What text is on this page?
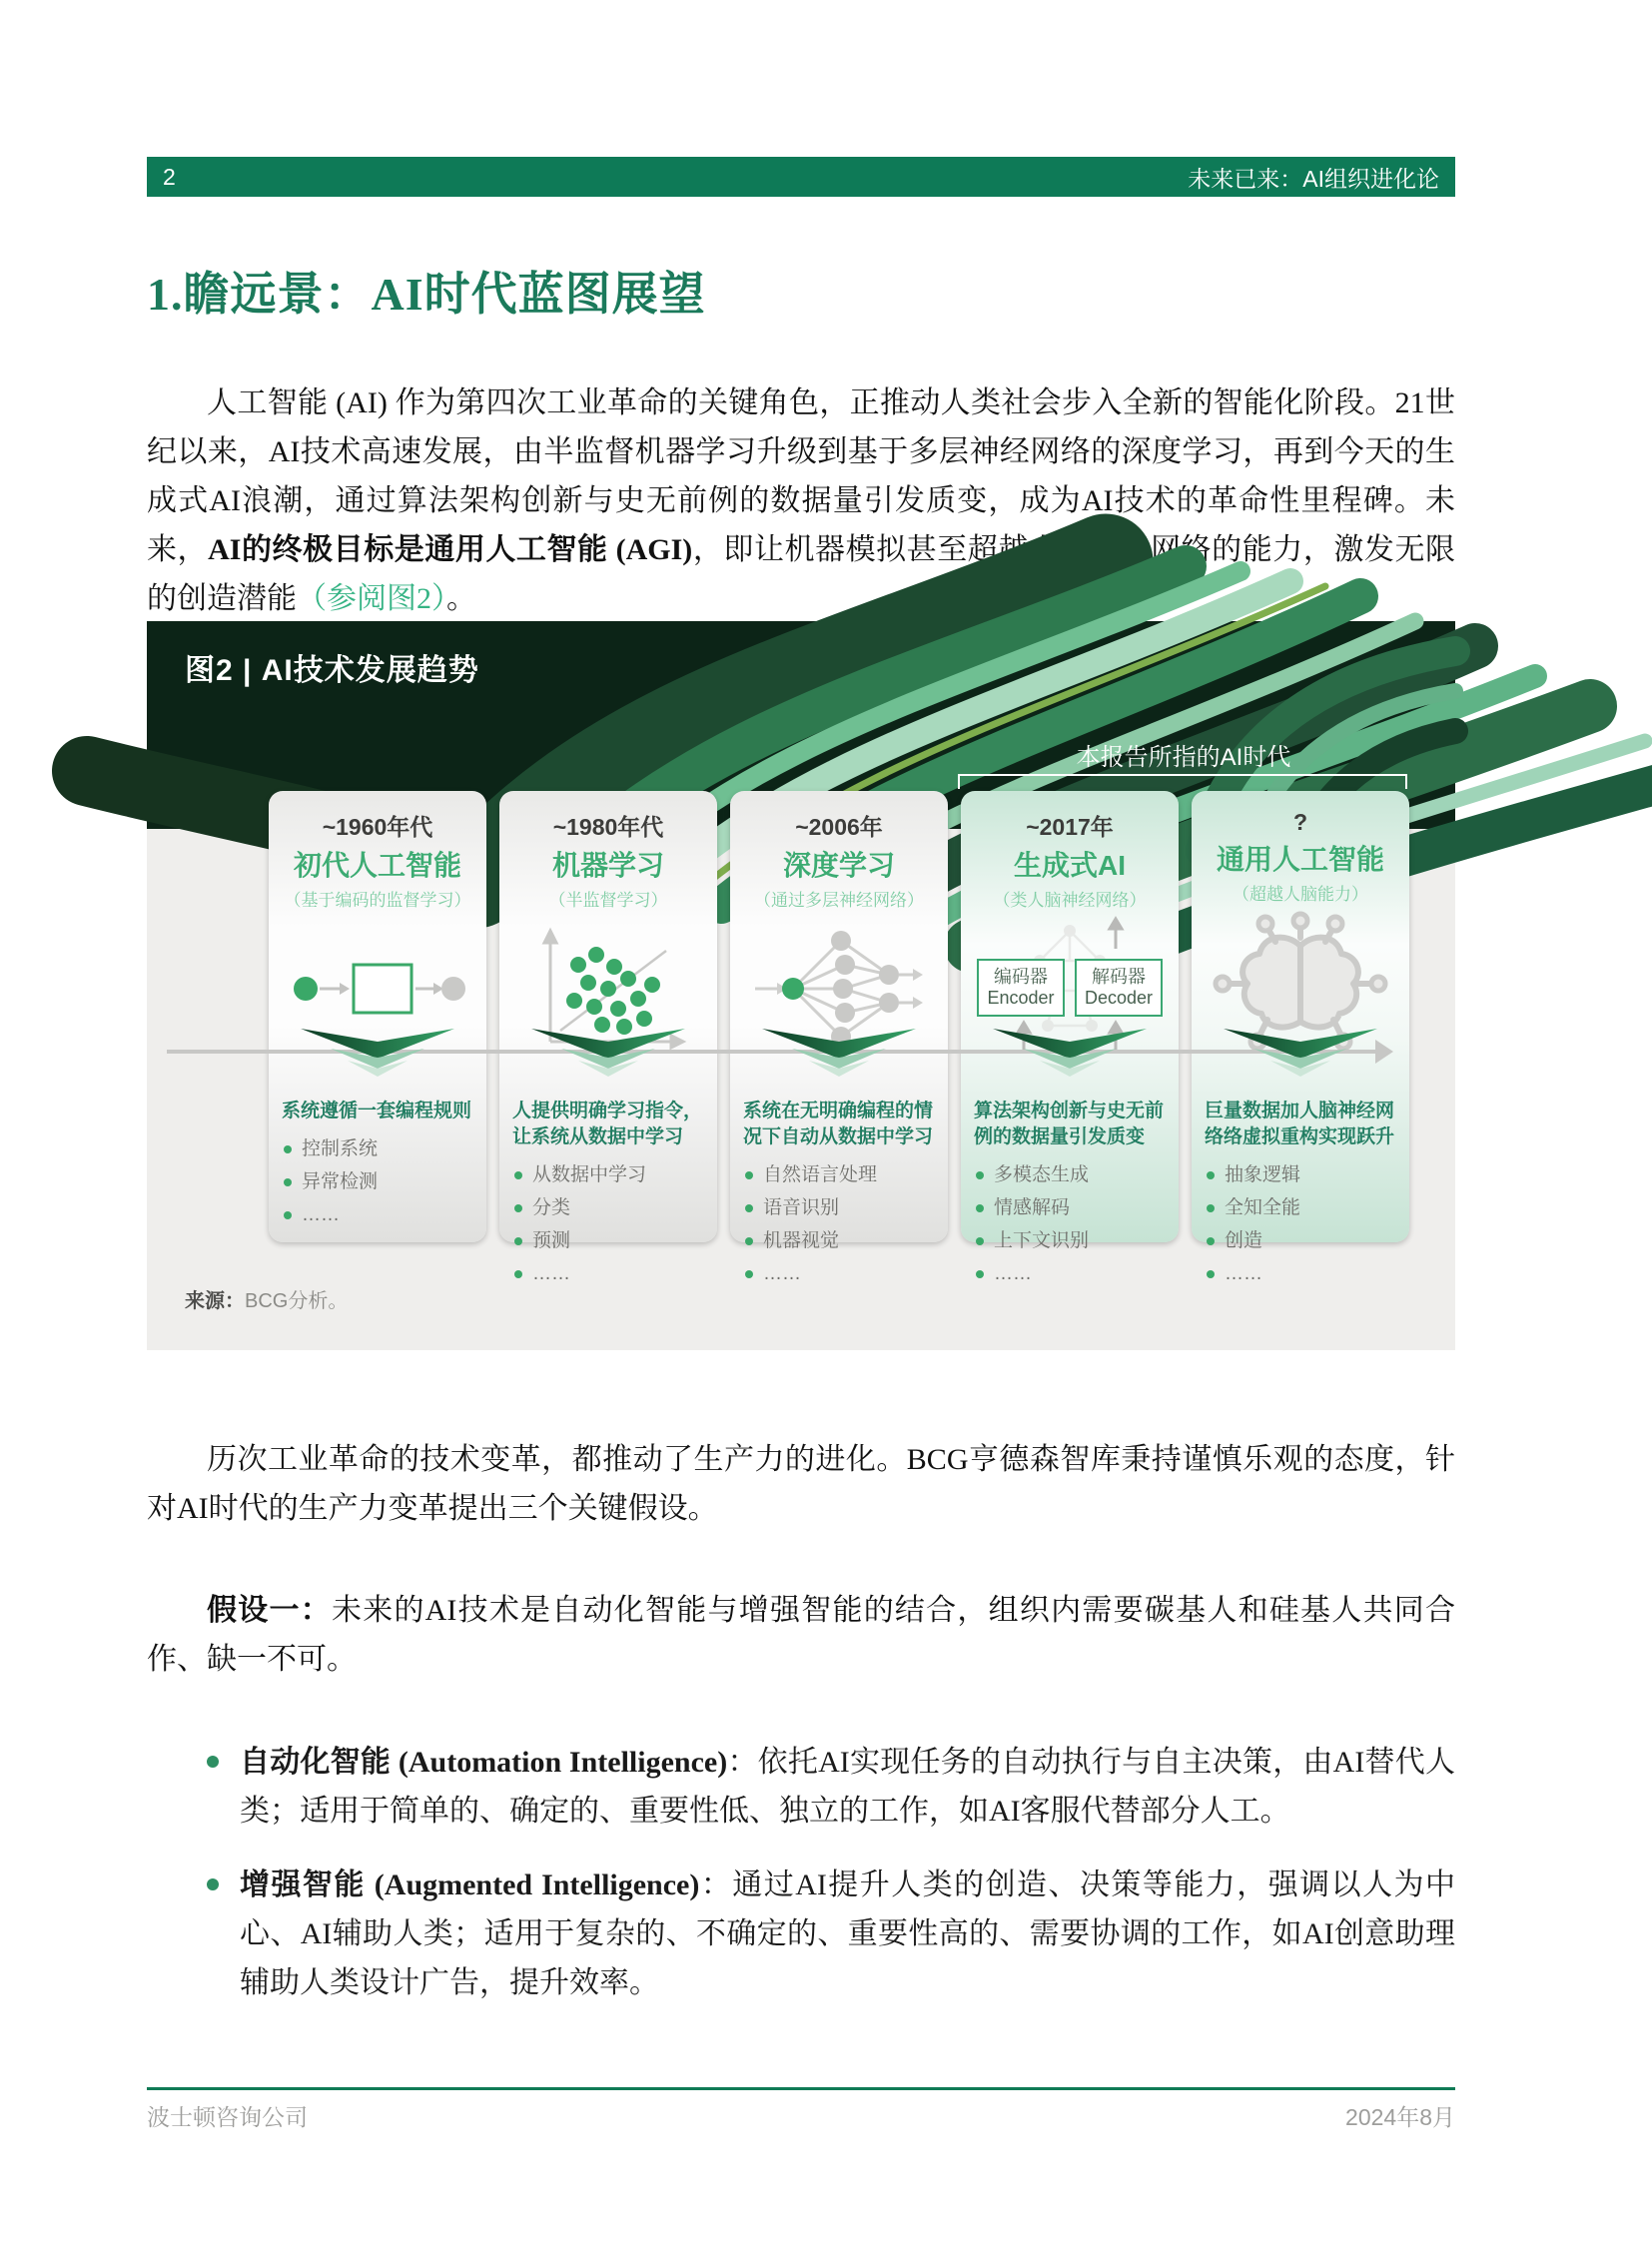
2	未来已来：AI组织进化论
1.瞻远景：AI时代蓝图展望

人工智能 (AI) 作为第四次工业革命的关键角色，正推动人类社会步入全新的智能化阶段。21世纪以来，AI技术高速发展，由半监督机器学习升级到基于多层神经网络的深度学习，再到今天的生成式AI浪潮，通过算法架构创新与史无前例的数据量引发质变，成为AI技术的革命性里程碑。未来，AI的终极目标是通用人工智能 (AGI)，即让机器模拟甚至超越人脑神经网络的能力，激发无限的创造潜能（参阅图2）。

图2 | AI技术发展趋势
本报告所指的AI时代
~1960年代
初代人工智能
（基于编码的监督学习）
系统遵循一套编程规则
控制系统
异常检测
……
~1980年代
机器学习
（半监督学习）
人提供明确学习指令，让系统从数据中学习
从数据中学习
分类
预测
……
~2006年
深度学习
（通过多层神经网络）
系统在无明确编程的情况下自动从数据中学习
自然语言处理
语音识别
机器视觉
……
~2017年
生成式AI
（类人脑神经网络）
编码器
Encoder
解码器
Decoder
算法架构创新与史无前例的数据量引发质变
多模态生成
情感解码
上下文识别
……
?
通用人工智能
（超越人脑能力）
巨量数据加人脑神经网络络虚拟重构实现跃升
抽象逻辑
全知全能
创造
……
来源：BCG分析。

历次工业革命的技术变革，都推动了生产力的进化。BCG亨德森智库秉持谨慎乐观的态度，针对AI时代的生产力变革提出三个关键假设。

假设一：未来的AI技术是自动化智能与增强智能的结合，组织内需要碳基人和硅基人共同合作、缺一不可。

自动化智能 (Automation Intelligence)：依托AI实现任务的自动执行与自主决策，由AI替代人类；适用于简单的、确定的、重要性低、独立的工作，如AI客服代替部分人工。
增强智能 (Augmented Intelligence)：通过AI提升人类的创造、决策等能力，强调以人为中心、AI辅助人类；适用于复杂的、不确定的、重要性高的、需要协调的工作，如AI创意助理辅助人类设计广告，提升效率。
波士顿咨询公司	2024年8月
